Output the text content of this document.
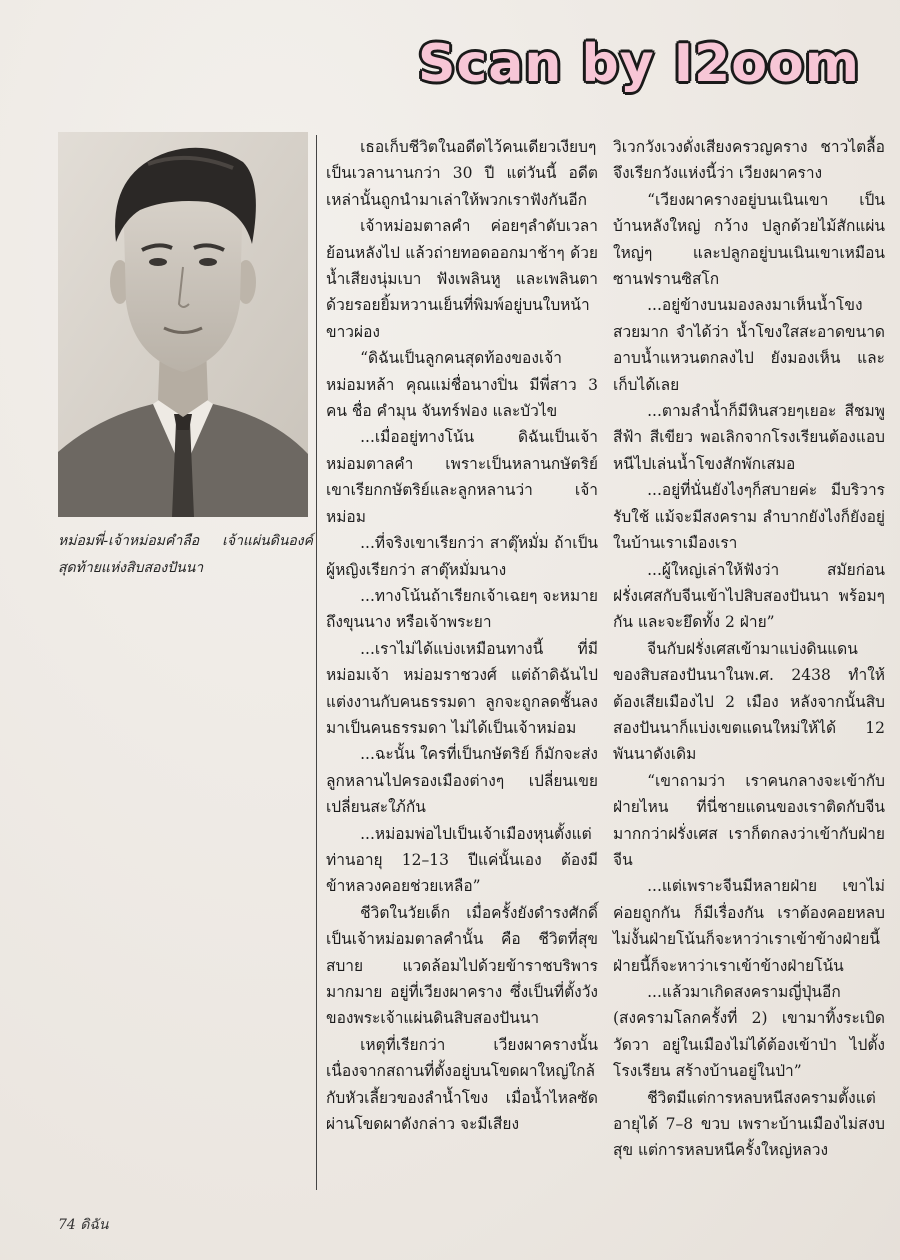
Scan by I2oom
หม่อมพี่-เจ้าหม่อมคำลือ เจ้าแผ่นดินองค์
สุดท้ายแห่งสิบสองปันนา

เธอเก็บชีวิตในอดีตไว้คนเดียวเงียบๆ เป็นเวลานานกว่า 30 ปี แต่วันนี้ อดีตเหล่านั้นถูกนำมาเล่าให้พวกเราฟังกันอีก

เจ้าหม่อมตาลคำ ค่อยๆลำดับเวลาย้อนหลังไป แล้วถ่ายทอดออกมาช้าๆ ด้วยน้ำเสียงนุ่มเบา ฟังเพลินหู และเพลินตา ด้วยรอยยิ้มหวานเย็นที่พิมพ์อยู่บนใบหน้าขาวผ่อง

“ดิฉันเป็นลูกคนสุดท้องของเจ้าหม่อมหล้า คุณแม่ชื่อนางปิ่น มีพี่สาว 3 คน ชื่อ คำมุน จันทร์ฟอง และบัวไข

...เมื่ออยู่ทางโน้น ดิฉันเป็นเจ้าหม่อมตาลคำ เพราะเป็นหลานกษัตริย์ เขาเรียกกษัตริย์และลูกหลานว่า เจ้าหม่อม

...ที่จริงเขาเรียกว่า สาตุ๊หมั่ม ถ้าเป็นผู้หญิงเรียกว่า สาตุ๊หมั่มนาง

...ทางโน้นถ้าเรียกเจ้าเฉยๆ จะหมายถึงขุนนาง หรือเจ้าพระยา

...เราไม่ได้แบ่งเหมือนทางนี้ ที่มีหม่อมเจ้า หม่อมราชวงศ์ แต่ถ้าดิฉันไปแต่งงานกับคนธรรมดา ลูกจะถูกลดชั้นลงมาเป็นคนธรรมดา ไม่ได้เป็นเจ้าหม่อม

...ฉะนั้น ใครที่เป็นกษัตริย์ ก็มักจะส่งลูกหลานไปครองเมืองต่างๆ เปลี่ยนเขย เปลี่ยนสะใภ้กัน

...หม่อมพ่อไปเป็นเจ้าเมืองหุนตั้งแต่ท่านอายุ 12–13 ปีแค่นั้นเอง ต้องมีข้าหลวงคอยช่วยเหลือ”

ชีวิตในวัยเด็ก เมื่อครั้งยังดำรงศักดิ์เป็นเจ้าหม่อมตาลคำนั้น คือ ชีวิตที่สุขสบาย แวดล้อมไปด้วยข้าราชบริพารมากมาย อยู่ที่เวียงผาคราง ซึ่งเป็นที่ตั้งวังของพระเจ้าแผ่นดินสิบสองปันนา

เหตุที่เรียกว่า เวียงผาครางนั้น เนื่องจากสถานที่ตั้งอยู่บนโขดผาใหญ่ใกล้กับหัวเลี้ยวของลำน้ำโขง เมื่อน้ำไหลซัดผ่านโขดผาดังกล่าว จะมีเสียง

วิเวกวังเวงดั่งเสียงครวญคราง ชาวไตลื้อจึงเรียกวังแห่งนี้ว่า เวียงผาคราง

“เวียงผาครางอยู่บนเนินเขา เป็นบ้านหลังใหญ่ กว้าง ปลูกด้วยไม้สักแผ่นใหญ่ๆ และปลูกอยู่บนเนินเขาเหมือนซานฟรานซิสโก

...อยู่ข้างบนมองลงมาเห็นน้ำโขงสวยมาก จำได้ว่า น้ำโขงใสสะอาดขนาดอาบน้ำแหวนตกลงไป ยังมองเห็น และเก็บได้เลย

...ตามลำน้ำก็มีหินสวยๆเยอะ สีชมพู สีฟ้า สีเขียว พอเลิกจากโรงเรียนต้องแอบหนีไปเล่นน้ำโขงสักพักเสมอ

...อยู่ที่นั่นยังไงๆก็สบายค่ะ มีบริวารรับใช้ แม้จะมีสงคราม ลำบากยังไงก็ยังอยู่ในบ้านเราเมืองเรา

...ผู้ใหญ่เล่าให้ฟังว่า สมัยก่อนฝรั่งเศสกับจีนเข้าไปสิบสองปันนา พร้อมๆกัน และจะยึดทั้ง 2 ฝ่าย”

จีนกับฝรั่งเศสเข้ามาแบ่งดินแดนของสิบสองปันนาในพ.ศ. 2438 ทำให้ต้องเสียเมืองไป 2 เมือง หลังจากนั้นสิบสองปันนาก็แบ่งเขตแดนใหม่ให้ได้ 12 พันนาดังเดิม

“เขาถามว่า เราคนกลางจะเข้ากับฝ่ายไหน ที่นี่ชายแดนของเราติดกับจีน มากกว่าฝรั่งเศส เราก็ตกลงว่าเข้ากับฝ่ายจีน

...แต่เพราะจีนมีหลายฝ่าย เขาไม่ค่อยถูกกัน ก็มีเรื่องกัน เราต้องคอยหลบ ไม่งั้นฝ่ายโน้นก็จะหาว่าเราเข้าข้างฝ่ายนี้ ฝ่ายนี้ก็จะหาว่าเราเข้าข้างฝ่ายโน้น

...แล้วมาเกิดสงครามญี่ปุ่นอีก (สงครามโลกครั้งที่ 2) เขามาทิ้งระเบิดวัดวา อยู่ในเมืองไม่ได้ต้องเข้าป่า ไปตั้งโรงเรียน สร้างบ้านอยู่ในป่า”

ชีวิตมีแต่การหลบหนีสงครามตั้งแต่อายุได้ 7–8 ขวบ เพราะบ้านเมืองไม่สงบสุข แต่การหลบหนีครั้งใหญ่หลวง

74 ดิฉัน
